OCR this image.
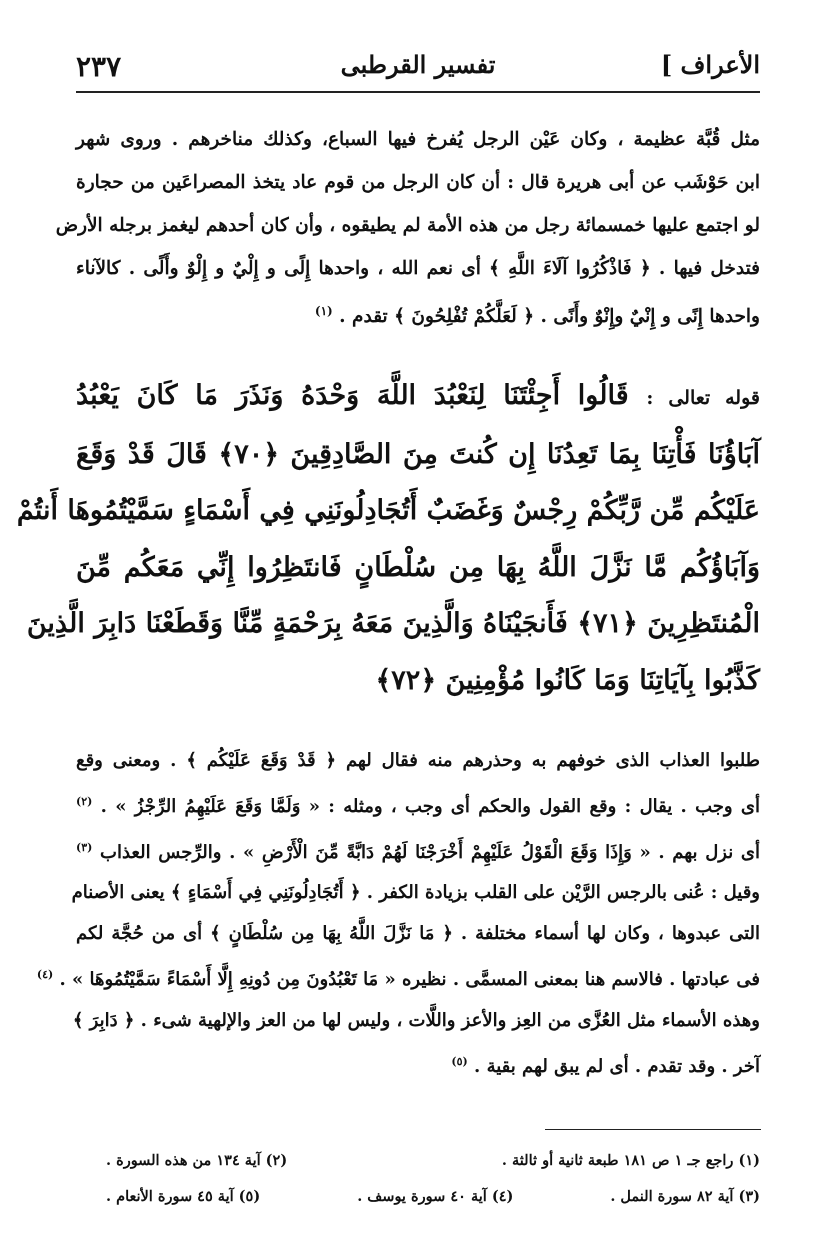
الأعراف ]
تفسير القرطبى
٢٣٧
مثل قُبَّة عظيمة ، وكان عَيْن الرجل يُفرخ فيها السباع، وكذلك مناخرهم . وروى شهر
ابن حَوْشَب عن أبى هريرة قال : أن كان الرجل من قوم عاد يتخذ المصراعَين من حجارة
لو اجتمع عليها خمسمائة رجل من هذه الأمة لم يطيقوه ، وأن كان أحدهم ليغمز برجله الأرض
فتدخل فيها . ﴿ فَاذْكُرُوا آلَاءَ اللَّهِ ﴾ أى نعم الله ، واحدها إِلًى و إِلْيٌ و إِلْوٌ وأَلًى . كالآناء
واحدها إِنًى و إِنْيٌ وإِنْوٌ وأَنًى . ﴿ لَعَلَّكُمْ تُفْلِحُونَ ﴾ تقدم . $^{(١)}$
قوله تعالى : قَالُوا أَجِئْتَنَا لِنَعْبُدَ اللَّهَ وَحْدَهُ وَنَذَرَ مَا كَانَ يَعْبُدُ
آبَاؤُنَا فَأْتِنَا بِمَا تَعِدُنَا إِن كُنتَ مِنَ الصَّادِقِينَ ﴿٧٠﴾ قَالَ قَدْ وَقَعَ
عَلَيْكُم مِّن رَّبِّكُمْ رِجْسٌ وَغَضَبٌ أَتُجَادِلُونَنِي فِي أَسْمَاءٍ سَمَّيْتُمُوهَا أَنتُمْ
وَآبَاؤُكُم مَّا نَزَّلَ اللَّهُ بِهَا مِن سُلْطَانٍ فَانتَظِرُوا إِنِّي مَعَكُم مِّنَ
الْمُنتَظِرِينَ ﴿٧١﴾ فَأَنجَيْنَاهُ وَالَّذِينَ مَعَهُ بِرَحْمَةٍ مِّنَّا وَقَطَعْنَا دَابِرَ الَّذِينَ
كَذَّبُوا بِآيَاتِنَا وَمَا كَانُوا مُؤْمِنِينَ ﴿٧٢﴾
طلبوا العذاب الذى خوفهم به وحذرهم منه فقال لهم ﴿ قَدْ وَقَعَ عَلَيْكُم ﴾ . ومعنى وقع
أى وجب . يقال : وقع القول والحكم أى وجب ، ومثله : « وَلَمَّا وَقَعَ عَلَيْهِمُ الرِّجْزُ » . $^{(٢)}$
أى نزل بهم . « وَإِذَا وَقَعَ الْقَوْلُ عَلَيْهِمْ أَخْرَجْنَا لَهُمْ دَابَّةً مِّنَ الْأَرْضِ » . والرِّجس العذاب $^{(٣)}$
وقيل : عُنى بالرجس الرَّيْن على القلب بزيادة الكفر . ﴿ أَتُجَادِلُونَنِي فِي أَسْمَاءٍ ﴾ يعنى الأصنام
التى عبدوها ، وكان لها أسماء مختلفة . ﴿ مَا نَزَّلَ اللَّهُ بِهَا مِن سُلْطَانٍ ﴾ أى من حُجَّة لكم
فى عبادتها . فالاسم هنا بمعنى المسمَّى . نظيره « مَا تَعْبُدُونَ مِن دُونِهِ إِلَّا أَسْمَاءً سَمَّيْتُمُوهَا » . $^{(٤)}$
وهذه الأسماء مثل العُزَّى من العِز والأعز واللَّات ، وليس لها من العز والإلهية شىء . ﴿ دَابِرَ ﴾
آخر . وقد تقدم . أى لم يبق لهم بقية . $^{(٥)}$
(١) راجع جـ ١ ص ١٨١ طبعة ثانية أو ثالثة .
(٢) آية ١٣٤ من هذه السورة .
(٣) آية ٨٢ سورة النمل .
(٤) آية ٤٠ سورة يوسف .
(٥) آية ٤٥ سورة الأنعام .
